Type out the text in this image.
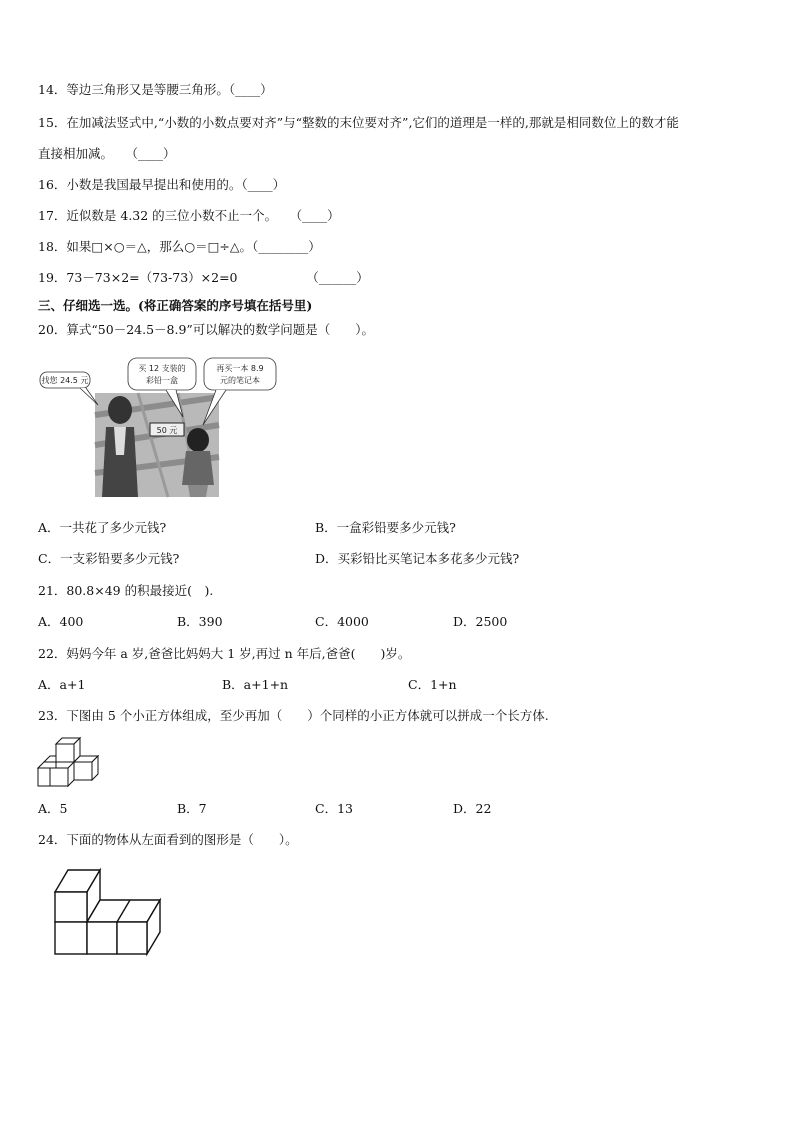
14．等边三角形又是等腰三角形。（____）
15．在加减法竖式中,“小数的小数点要对齐”与“整数的末位要对齐”,它们的道理是一样的,那就是相同数位上的数才能
直接相加减。　　（____）
16．小数是我国最早提出和使用的。（____）
17．近似数是 4.32 的三位小数不止一个。　　（____）
18．如果□×○＝△，那么○＝□÷△。（________）
19．73－73×2=（73-73）×2=0　　　　　　（______）
三、仔细选一选。(将正确答案的序号填在括号里)
20．算式“50－24.5－8.9”可以解决的数学问题是（　　）。
50 元
找您 24.5 元
买 12 支装的
彩铅一盒
再买一本 8.9
元的笔记本
A．一共花了多少元钱?	B．一盒彩铅要多少元钱?
C．一支彩铅要多少元钱?	D．买彩铅比买笔记本多花多少元钱?
21．80.8×49 的积最接近(　).
A．400	B．390	C．4000	D．2500
22．妈妈今年 a 岁,爸爸比妈妈大 1 岁,再过 n 年后,爸爸(　　)岁。
A．a+1	B．a+1+n	C．1+n
23．下图由 5 个小正方体组成，至少再加（　　）个同样的小正方体就可以拼成一个长方体.
A．5	B．7	C．13	D．22
24．下面的物体从左面看到的图形是（　　）。
